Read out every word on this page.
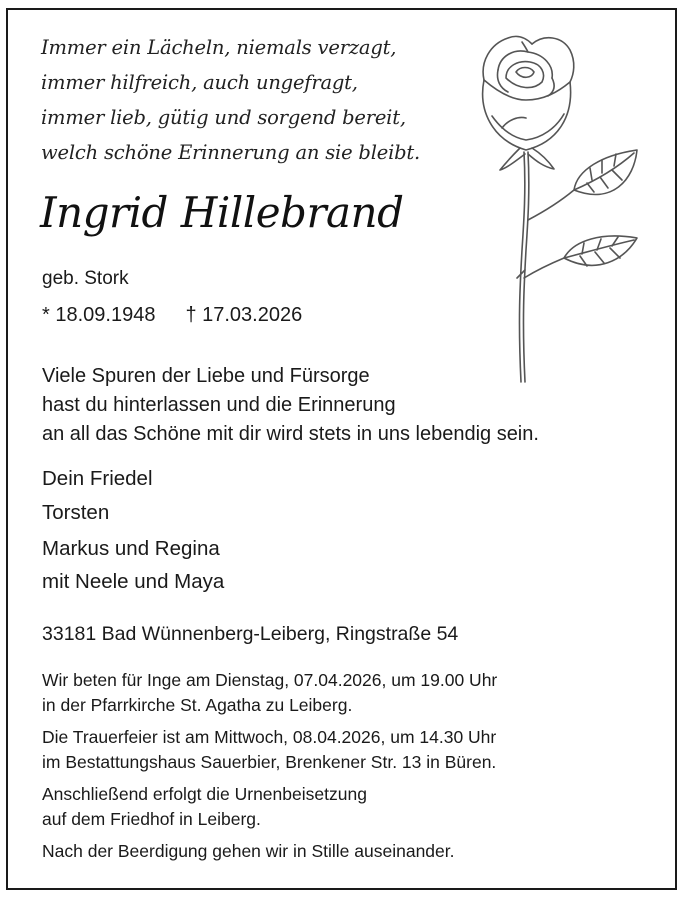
Immer ein Lächeln, niemals verzagt,
immer hilfreich, auch ungefragt,
immer lieb, gütig und sorgend bereit,
welch schöne Erinnerung an sie bleibt.
Ingrid Hillebrand
geb. Stork
* 18.09.1948 † 17.03.2026
Viele Spuren der Liebe und Fürsorge
hast du hinterlassen und die Erinnerung
an all das Schöne mit dir wird stets in uns lebendig sein.
Dein Friedel
Torsten
Markus und Regina
mit Neele und Maya
33181 Bad Wünnenberg-Leiberg, Ringstraße 54
Wir beten für Inge am Dienstag, 07.04.2026, um 19.00 Uhr
in der Pfarrkirche St. Agatha zu Leiberg.
Die Trauerfeier ist am Mittwoch, 08.04.2026, um 14.30 Uhr
im Bestattungshaus Sauerbier, Brenkener Str. 13 in Büren.
Anschließend erfolgt die Urnenbeisetzung
auf dem Friedhof in Leiberg.
Nach der Beerdigung gehen wir in Stille auseinander.
